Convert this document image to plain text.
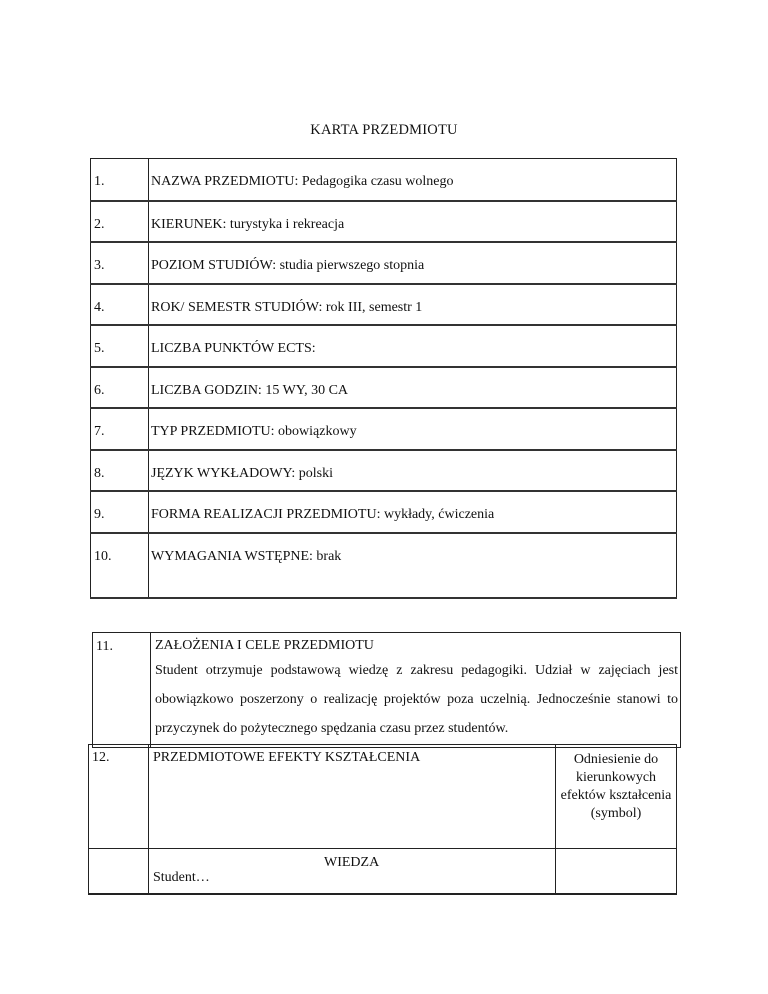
KARTA PRZEDMIOTU
1.	NAZWA PRZEDMIOTU: Pedagogika czasu wolnego
2.	KIERUNEK: turystyka i rekreacja
3.	POZIOM STUDIÓW: studia pierwszego stopnia
4.	ROK/ SEMESTR STUDIÓW: rok III, semestr 1
5.	LICZBA PUNKTÓW ECTS:
6.	LICZBA GODZIN: 15 WY, 30 CA
7.	TYP PRZEDMIOTU: obowiązkowy
8.	JĘZYK WYKŁADOWY: polski
9.	FORMA REALIZACJI PRZEDMIOTU: wykłady, ćwiczenia
10.	WYMAGANIA WSTĘPNE: brak
11.	ZAŁOŻENIA I CELE PRZEDMIOTU
Student otrzymuje podstawową wiedzę z zakresu pedagogiki. Udział w zajęciach jest obowiązkowo poszerzony o realizację projektów poza uczelnią. Jednocześnie stanowi to przyczynek do pożytecznego spędzania czasu przez studentów.
12.	PRZEDMIOTOWE EFEKTY KSZTAŁCENIA	Odniesienie do kierunkowych efektów kształcenia (symbol)

	WIEDZA
Student…	
